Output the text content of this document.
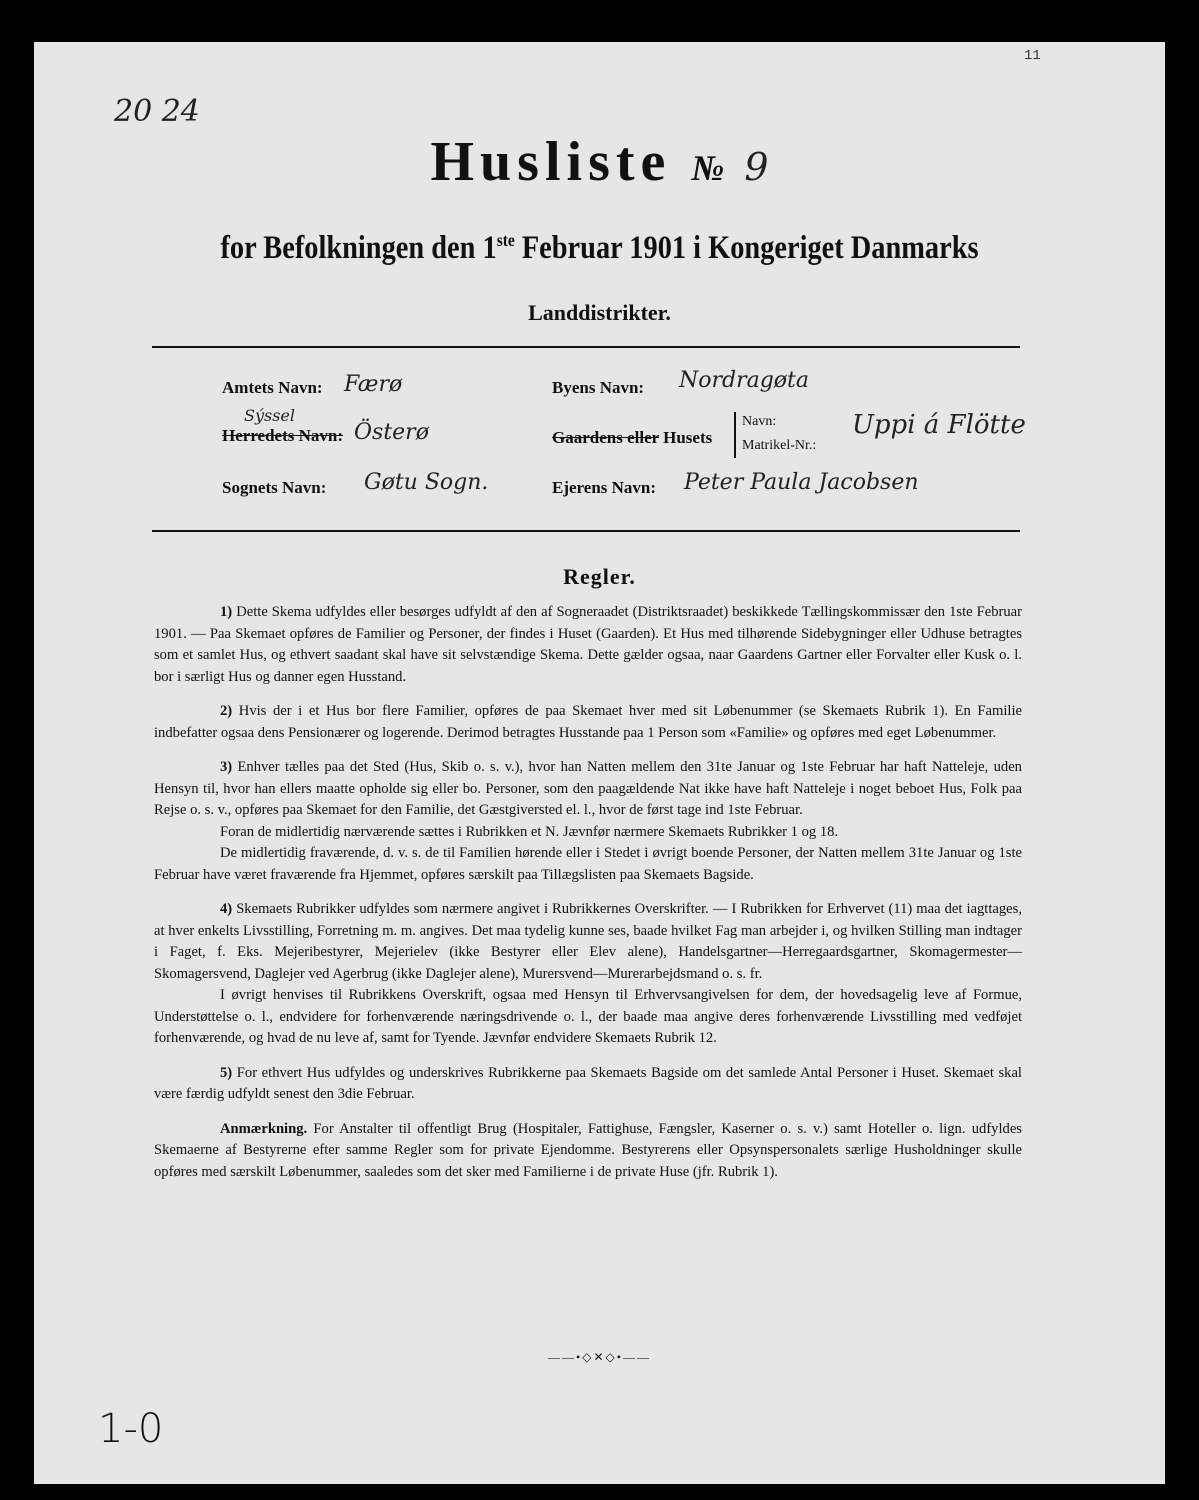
20 24
11
Husliste № 9
for Befolkningen den 1ste Februar 1901 i Kongeriget Danmarks
Landdistrikter.
Amtets Navn: Færø
Sýssel
Herredets Navn: Österø
Sognets Navn: Gøtu Sogn.
Byens Navn: Nordragøta
Gaardens eller Husets
Navn:
Matrikel-Nr.:
Uppi á Flötte
Ejerens Navn: Peter Paula Jacobsen
Regler.

1) Dette Skema udfyldes eller besørges udfyldt af den af Sogneraadet (Distriktsraadet) beskikkede Tællingskommissær den 1ste Februar 1901. — Paa Skemaet opføres de Familier og Personer, der findes i Huset (Gaarden). Et Hus med tilhørende Sidebygninger eller Udhuse betragtes som et samlet Hus, og ethvert saadant skal have sit selvstændige Skema. Dette gælder ogsaa, naar Gaardens Gartner eller Forvalter eller Kusk o. l. bor i særligt Hus og danner egen Husstand.

2) Hvis der i et Hus bor flere Familier, opføres de paa Skemaet hver med sit Løbenummer (se Skemaets Rubrik 1). En Familie indbefatter ogsaa dens Pensionærer og logerende. Derimod betragtes Husstande paa 1 Person som «Familie» og opføres med eget Løbenummer.

3) Enhver tælles paa det Sted (Hus, Skib o. s. v.), hvor han Natten mellem den 31te Januar og 1ste Februar har haft Natteleje, uden Hensyn til, hvor han ellers maatte opholde sig eller bo. Personer, som den paagældende Nat ikke have haft Natteleje i noget beboet Hus, Folk paa Rejse o. s. v., opføres paa Skemaet for den Familie, det Gæstgiversted el. l., hvor de først tage ind 1ste Februar.

Foran de midlertidig nærværende sættes i Rubrikken et N. Jævnfør nærmere Skemaets Rubrikker 1 og 18.

De midlertidig fraværende, d. v. s. de til Familien hørende eller i Stedet i øvrigt boende Personer, der Natten mellem 31te Januar og 1ste Februar have været fraværende fra Hjemmet, opføres særskilt paa Tillægslisten paa Skemaets Bagside.

4) Skemaets Rubrikker udfyldes som nærmere angivet i Rubrikkernes Overskrifter. — I Rubrikken for Erhvervet (11) maa det iagttages, at hver enkelts Livsstilling, Forretning m. m. angives. Det maa tydelig kunne ses, baade hvilket Fag man arbejder i, og hvilken Stilling man indtager i Faget, f. Eks. Mejeribestyrer, Mejerielev (ikke Bestyrer eller Elev alene), Handelsgartner—Herregaardsgartner, Skomagermester—Skomagersvend, Daglejer ved Agerbrug (ikke Daglejer alene), Murersvend—Murerarbejdsmand o. s. fr.

I øvrigt henvises til Rubrikkens Overskrift, ogsaa med Hensyn til Erhvervsangivelsen for dem, der hovedsagelig leve af Formue, Understøttelse o. l., endvidere for forhenværende næringsdrivende o. l., der baade maa angive deres forhenværende Livsstilling med vedføjet forhenværende, og hvad de nu leve af, samt for Tyende. Jævnfør endvidere Skemaets Rubrik 12.

5) For ethvert Hus udfyldes og underskrives Rubrikkerne paa Skemaets Bagside om det samlede Antal Personer i Huset. Skemaet skal være færdig udfyldt senest den 3die Februar.

Anmærkning. For Anstalter til offentligt Brug (Hospitaler, Fattighuse, Fængsler, Kaserner o. s. v.) samt Hoteller o. lign. udfyldes Skemaerne af Bestyrerne efter samme Regler som for private Ejendomme. Bestyrerens eller Opsynspersonalets særlige Husholdninger skulle opføres med særskilt Løbenummer, saaledes som det sker med Familierne i de private Huse (jfr. Rubrik 1).

——•◇✕◇•——
1-0
